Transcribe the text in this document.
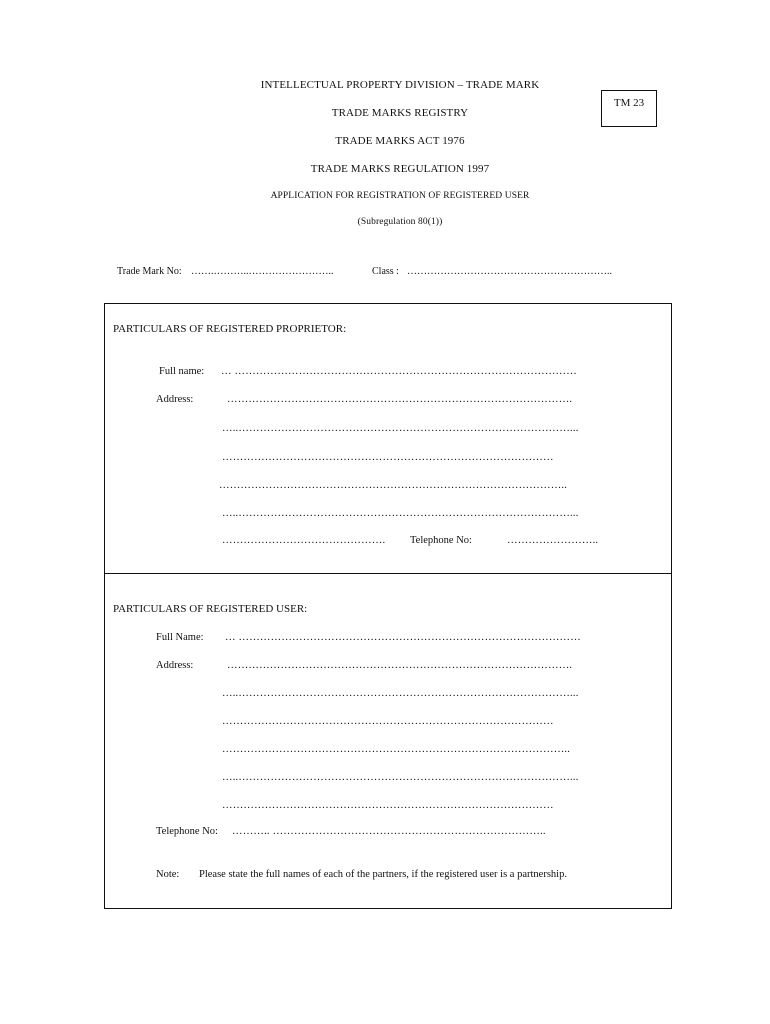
INTELLECTUAL PROPERTY DIVISION – TRADE MARK
TRADE MARKS REGISTRY
TRADE MARKS ACT 1976
TRADE MARKS REGULATION 1997
APPLICATION FOR REGISTRATION OF REGISTERED USER
(Subregulation 80(1))
TM 23
Trade Mark No: …….………..……………………..	Class : ……………………………………………………..
PARTICULARS OF REGISTERED PROPRIETOR:
Full name: … ……………………………………………………………………………………
Address:	…………………………………………………………………………………….
…..…………………………………………………………………………………...
…………………………………………………………………………………
……………………………………………………………………………………..
…..…………………………………………………………………………………...
………………………………………. Telephone No:	……………………..
PARTICULARS OF REGISTERED USER:
Full Name: … ……………………………………………………………………………………
Address:	…………………………………………………………………………………….
…..…………………………………………………………………………………...
…………………………………………………………………………………
……………………………………………………………………………………..
…..…………………………………………………………………………………...
…………………………………………………………………………………
Telephone No: ……….. …………………………………………………………………..
Note: Please state the full names of each of the partners, if the registered user is a partnership.
